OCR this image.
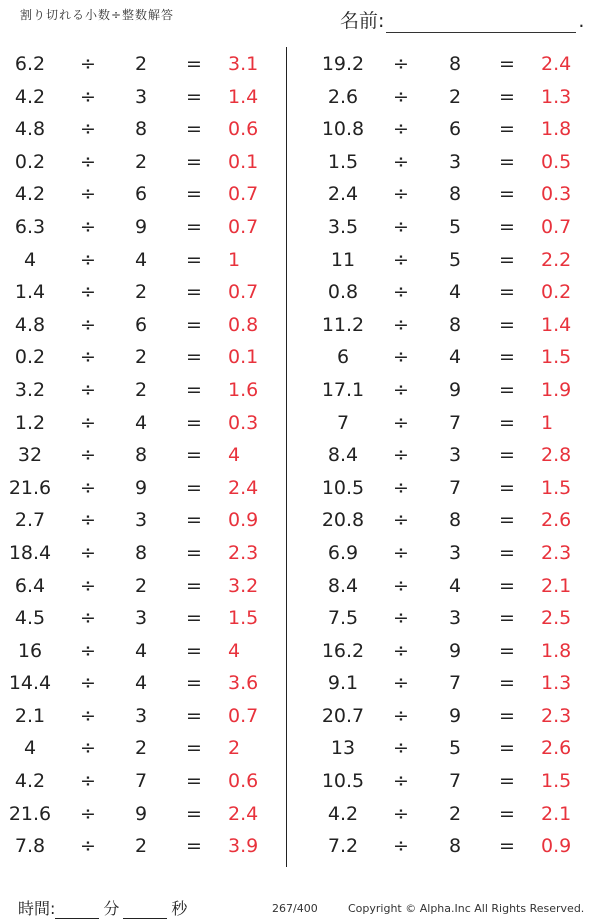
割り切れる小数÷整数解答	名前:	.
6.2	÷ 2 = 3.1
4.2	÷ 3 = 1.4
4.8	÷ 8 = 0.6
0.2	÷ 2 = 0.1
4.2	÷ 6 = 0.7
6.3	÷ 9 = 0.7
4	÷ 4 = 1
1.4	÷ 2 = 0.7
4.8	÷ 6 = 0.8
0.2	÷ 2 = 0.1
3.2	÷ 2 = 1.6
1.2	÷ 4 = 0.3
32	÷ 8 = 4
21.6	÷ 9 = 2.4
2.7	÷ 3 = 0.9
18.4	÷ 8 = 2.3
6.4	÷ 2 = 3.2
4.5	÷ 3 = 1.5
16	÷ 4 = 4
14.4	÷ 4 = 3.6
2.1	÷ 3 = 0.7
4	÷ 2 = 2
4.2	÷ 7 = 0.6
21.6	÷ 9 = 2.4
7.8	÷ 2 = 3.9
19.2	÷ 8 = 2.4
2.6	÷ 2 = 1.3
10.8	÷ 6 = 1.8
1.5	÷ 3 = 0.5
2.4	÷ 8 = 0.3
3.5	÷ 5 = 0.7
11	÷ 5 = 2.2
0.8	÷ 4 = 0.2
11.2	÷ 8 = 1.4
6	÷ 4 = 1.5
17.1	÷ 9 = 1.9
7	÷ 7 = 1
8.4	÷ 3 = 2.8
10.5	÷ 7 = 1.5
20.8	÷ 8 = 2.6
6.9	÷ 3 = 2.3
8.4	÷ 4 = 2.1
7.5	÷ 3 = 2.5
16.2	÷ 9 = 1.8
9.1	÷ 7 = 1.3
20.7	÷ 9 = 2.3
13	÷ 5 = 2.6
10.5	÷ 7 = 1.5
4.2	÷ 2 = 2.1
7.2	÷ 8 = 0.9
時間:	分	秒	267/400	Copyright © Alpha.Inc All Rights Reserved.
